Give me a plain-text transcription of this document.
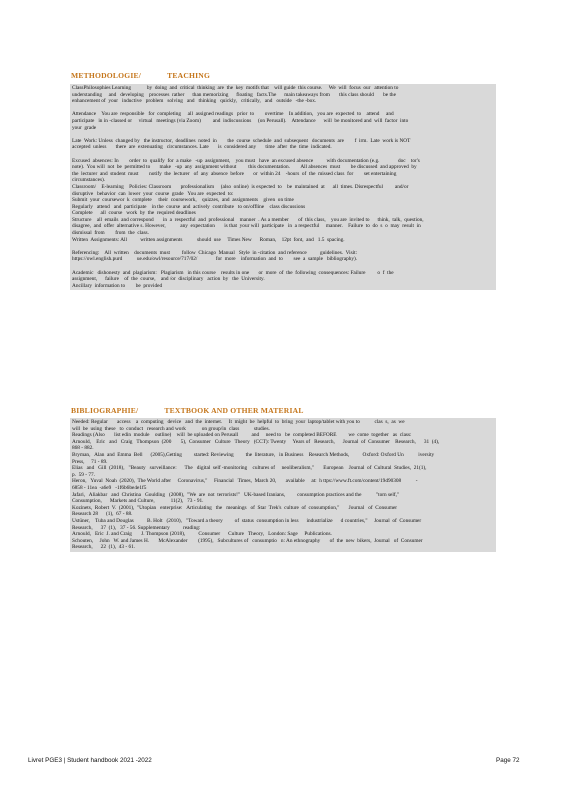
METHODOLOGIE/	TEACHING

ClassPhilosophies Learning            by  doing  and  critical  thinking  are  the  key  motifs that    will guide  this course.     We  will  focus  our   attention to

understanding     and   developing    processes  rather      than memorizing      floating   facts.The      main takeaways from       this class should       be the

enhancement of  your   inductive   problem   solving   and   thinking   quickly,   critically,   and   outside   -the -box.

Attendance    You are  responsible   for  completing     all  assigned readings   prior  to        overtime    In addition,   you are  expected  to    attend     and

participate   in in -classed or     virtual   meetings (via Zoom)         and  indiscussions     (on Perusall).    Attendance      will  be monitored and  will  factor  into

your  grade

Late  Work: Unless  changed by   the instructor,  deadlines  noted  in        the  course  schedule  and  subsequent   documents  are        f  irm.  Late  work is NOT

accepted  unless       there  are  extenuating   circumstances. Late       is  considered any       time  after  the  time  indicated.

Excused  absences: In        order  to  qualify  for  a make   -up  assignment,    you must   have  an excused absence          with documentation (e.g.              doc    tor's

note).  You will  not  be  permitted to       make   -up  any  assignment without         this documentation.        All absences  must        be discussed  and approved  by

the  lecturer  and  student  must        notify  the  lecturer   of  any  absence  before       or  within 24    -hours  of  the  missed class  for        set entertaining

circumstances).

Classroom/    E-learning    Policies: Classroom       professionalism     (also  online)  is expected  to    be  maintained  at      all  times. Disrespectful         and/or

disruptive   behavior  can  lower  your  course  grade   You are  expected  to:

Submit  your  coursewor  k  complete     their  coursework,    quizzes,  and  assignments    given  on time

Regularly   attend   and  participate    in the  course  and  actively  contribute   to on/offline    class discussions

Complete      all  course   work  by  the  required deadlines

Structure    all  emails  and correspond       in  a  respectful  and  professional    manner  . As a member       of  this class,    you are  invited to      think,  talk,  question,

disagree,  and  offer  alternative s. However,           any  expectation       is that  your will  participate   in  a respectful     manner.    Failure  to  do  s  o  may  result  in

dismissal  from        from  the  class.

Written  Assignments: All          written assignments           should  use     Times New      Roman,    12pt  font,  and   1.5  spacing.

Referencing:    All  written    documents  must         follow  Chicago  Manual   Style  in -citation  and reference          guidelines.  Visit:

https://owl.english.purd           ue.edu/owl/resource/717/02/              for  more    information  and  to        see  a  sample   bibliography).

Academic   dishonesty  and  plagiarism:   Plagiarism   in this course    results in one       or  more  of  the  following  consequences: Failure         o  f  the

assignment,      failure    of  the  course,    and /or  disciplinary   action  by   the  University.

Ancillary  information to        be  provided

BIBLIOGRAPHIE/	TEXTBOOK AND OTHER MATERIAL

Needed: Regular       access    a  computing   device   and  the  internet.     It  might  be  helpful  to  bring  your  laptop/tablet with you to           clas  s,  as  we

will  be  using  these   to  conduct   research and work            on group/in  class           studies.

Readings (Also       list edin  module    outline)    will  be uploaded on Perusall          and     need to   be  completed BEFORE         we  come  together   as  class:

Arnould,    Eric   and   Craig   Thompson  (200       5),  Consumer   Culture   Theory   (CCT): Twenty     Years of   Research,      Journal  of  Consumer    Research,      31  (4),

868 - 882.

Bryman,   Alan  and  Emma  Bell      (2005),Getting         started: Reviewing         the  literature,   in Business    Research Methods,          Oxford: Oxford Un           iversity

Press,     71 - 89.

Elias   and   Gill  (2018),   "Beauty   surveillance:      The   digital  self -monitoring    cultures of     neoliberalism,"       European    Journal  of  Cultural  Studies,  21(1),

p.  59 - 77.

Heron,   Yuval  Noah  (2020),  The World after     Coronavirus,"     Financial   Times,  March 20,       available     at:  h ttps://www.ft.com/content/19d90308           -

6858 - 11ea  -a6e9   -1f6b6be4e1f5

Jafari,   Aliakbar   and  Christina   Goulding   (2008),  "We  are  not  terrorists!"   UK-based Iranians,         consumption practices and the           "torn self,"

Consumption,      Markets and Culture,            11(2),   73 - 91.

Kozinets,  Robert  V.  (2001),  "Utopian   enterprise:   Articulating   the   meanings   of  Star  Trek's  culture  of  consumption,"       Journal   of  Consumer

Research 28      (1),  67 - 88.

Ustüner,    Tuba and Douglas          B. Holt   (2010),   "Toward a theory         of  status  consumption in less      industrialize      d countries,"     Journal  of  Consumer

Research,      37  (1),   37 - 56. Supplementary          reading:

Arnould,   Eric  J. and Craig       J. Thompson (2018),          Consumer      Culture   Theory,   London: Sage     Publications.

Schouten,     John   W. and James H.       McAlexander        (1995),   Subcultures of   consumptio   n: An ethnography       of  the  new  bikers,  Journal   of  Consumer

Research,      22  (1),  43 - 61.

Livret PGE3 | Student handbook 2021 -2022	Page 72
